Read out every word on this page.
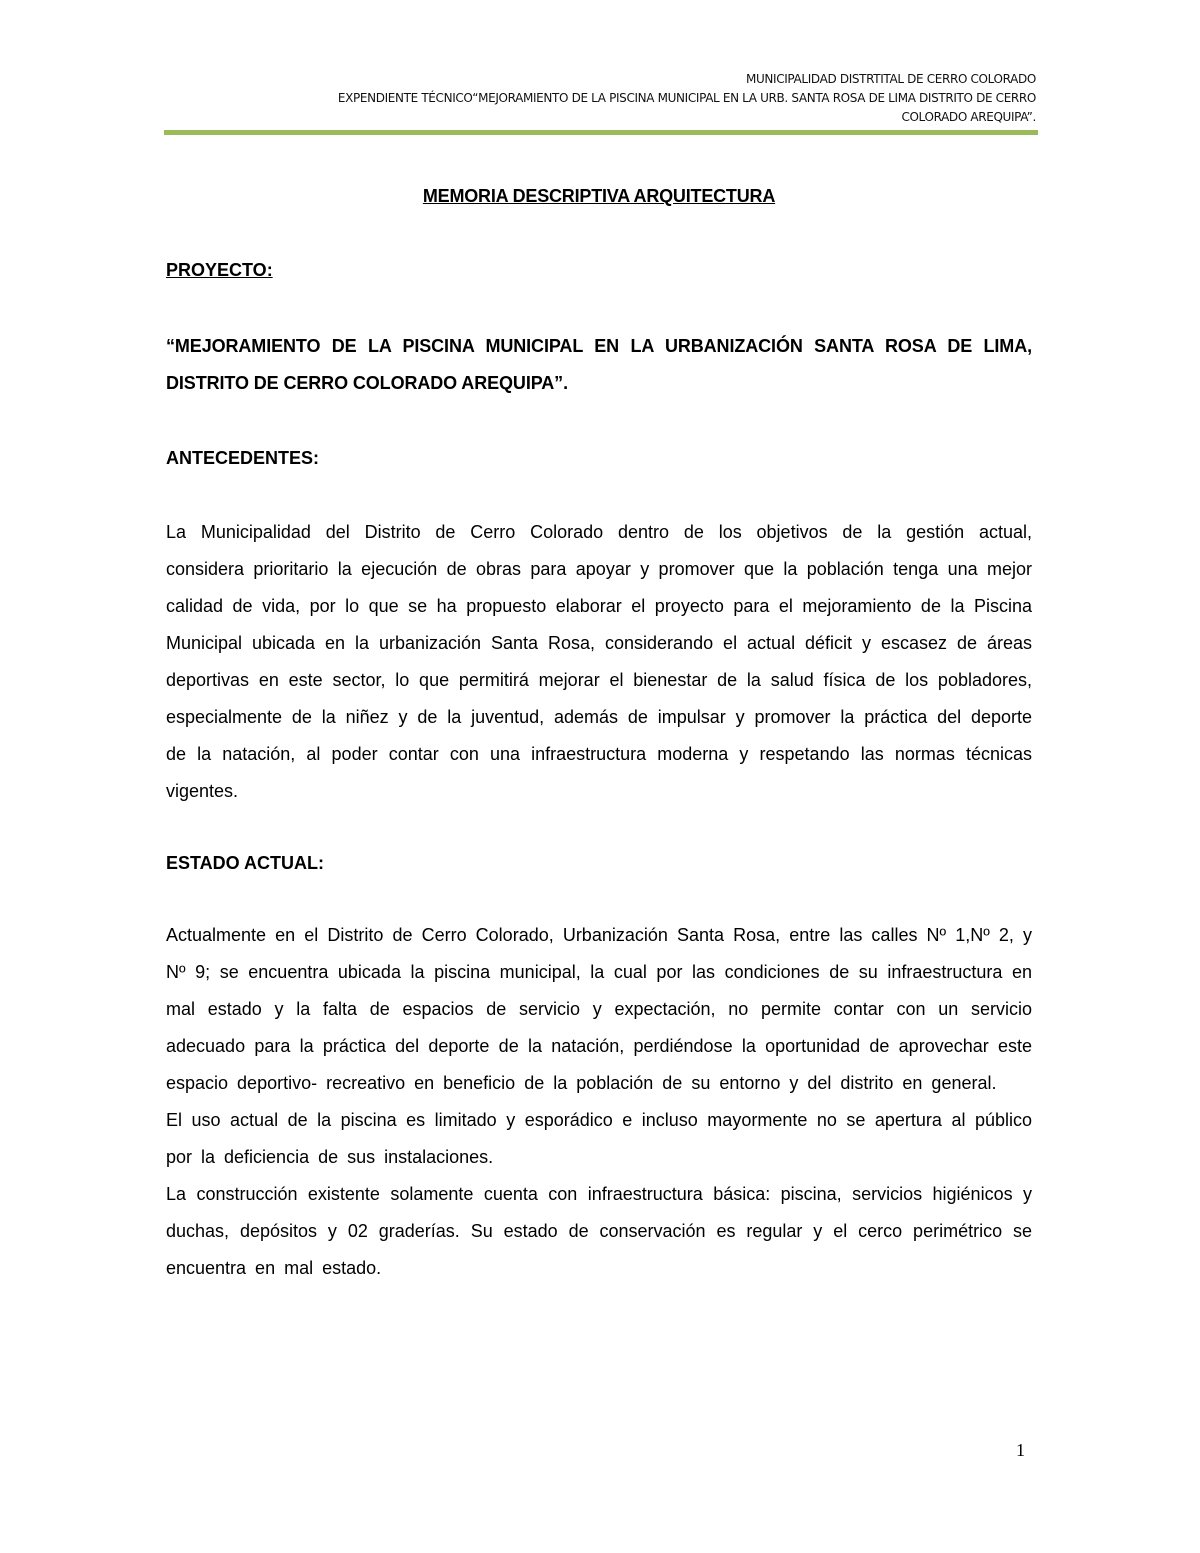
MUNICIPALIDAD DISTRTITAL DE CERRO COLORADO
EXPENDIENTE TÉCNICO“MEJORAMIENTO DE LA PISCINA MUNICIPAL EN LA URB. SANTA ROSA DE LIMA DISTRITO DE CERRO
COLORADO AREQUIPA”.

MEMORIA DESCRIPTIVA ARQUITECTURA

PROYECTO:

“MEJORAMIENTO DE LA PISCINA MUNICIPAL EN LA URBANIZACIÓN SANTA ROSA DE LIMA, DISTRITO DE CERRO COLORADO AREQUIPA”.

ANTECEDENTES:

La Municipalidad del Distrito de Cerro Colorado dentro de los objetivos de la gestión actual, considera prioritario la ejecución de obras para apoyar y promover que la población tenga una mejor calidad de vida, por lo que se ha propuesto elaborar el proyecto para el mejoramiento de la Piscina Municipal ubicada en la urbanización Santa Rosa, considerando el actual déficit y escasez de áreas deportivas en este sector, lo que permitirá mejorar el bienestar de la salud física de los pobladores, especialmente de la niñez y de la juventud, además de impulsar y promover la práctica del deporte de la natación, al poder contar con una infraestructura moderna y respetando las normas técnicas vigentes.

ESTADO ACTUAL:

Actualmente en el Distrito de Cerro Colorado, Urbanización Santa Rosa, entre las calles Nº 1,Nº 2, y Nº 9; se encuentra ubicada la piscina municipal, la cual por las condiciones de su infraestructura en mal estado y la falta de espacios de servicio y expectación, no permite contar con un servicio adecuado para la práctica del deporte de la natación, perdiéndose la oportunidad de aprovechar este espacio deportivo- recreativo en beneficio de la población de su entorno y del distrito en general.

El uso actual de la piscina es limitado y esporádico e incluso mayormente no se apertura al público por la deficiencia de sus instalaciones.

La construcción existente solamente cuenta con infraestructura básica: piscina, servicios higiénicos y duchas, depósitos y 02 graderías. Su estado de conservación es regular y el cerco perimétrico se encuentra en mal estado.

1
